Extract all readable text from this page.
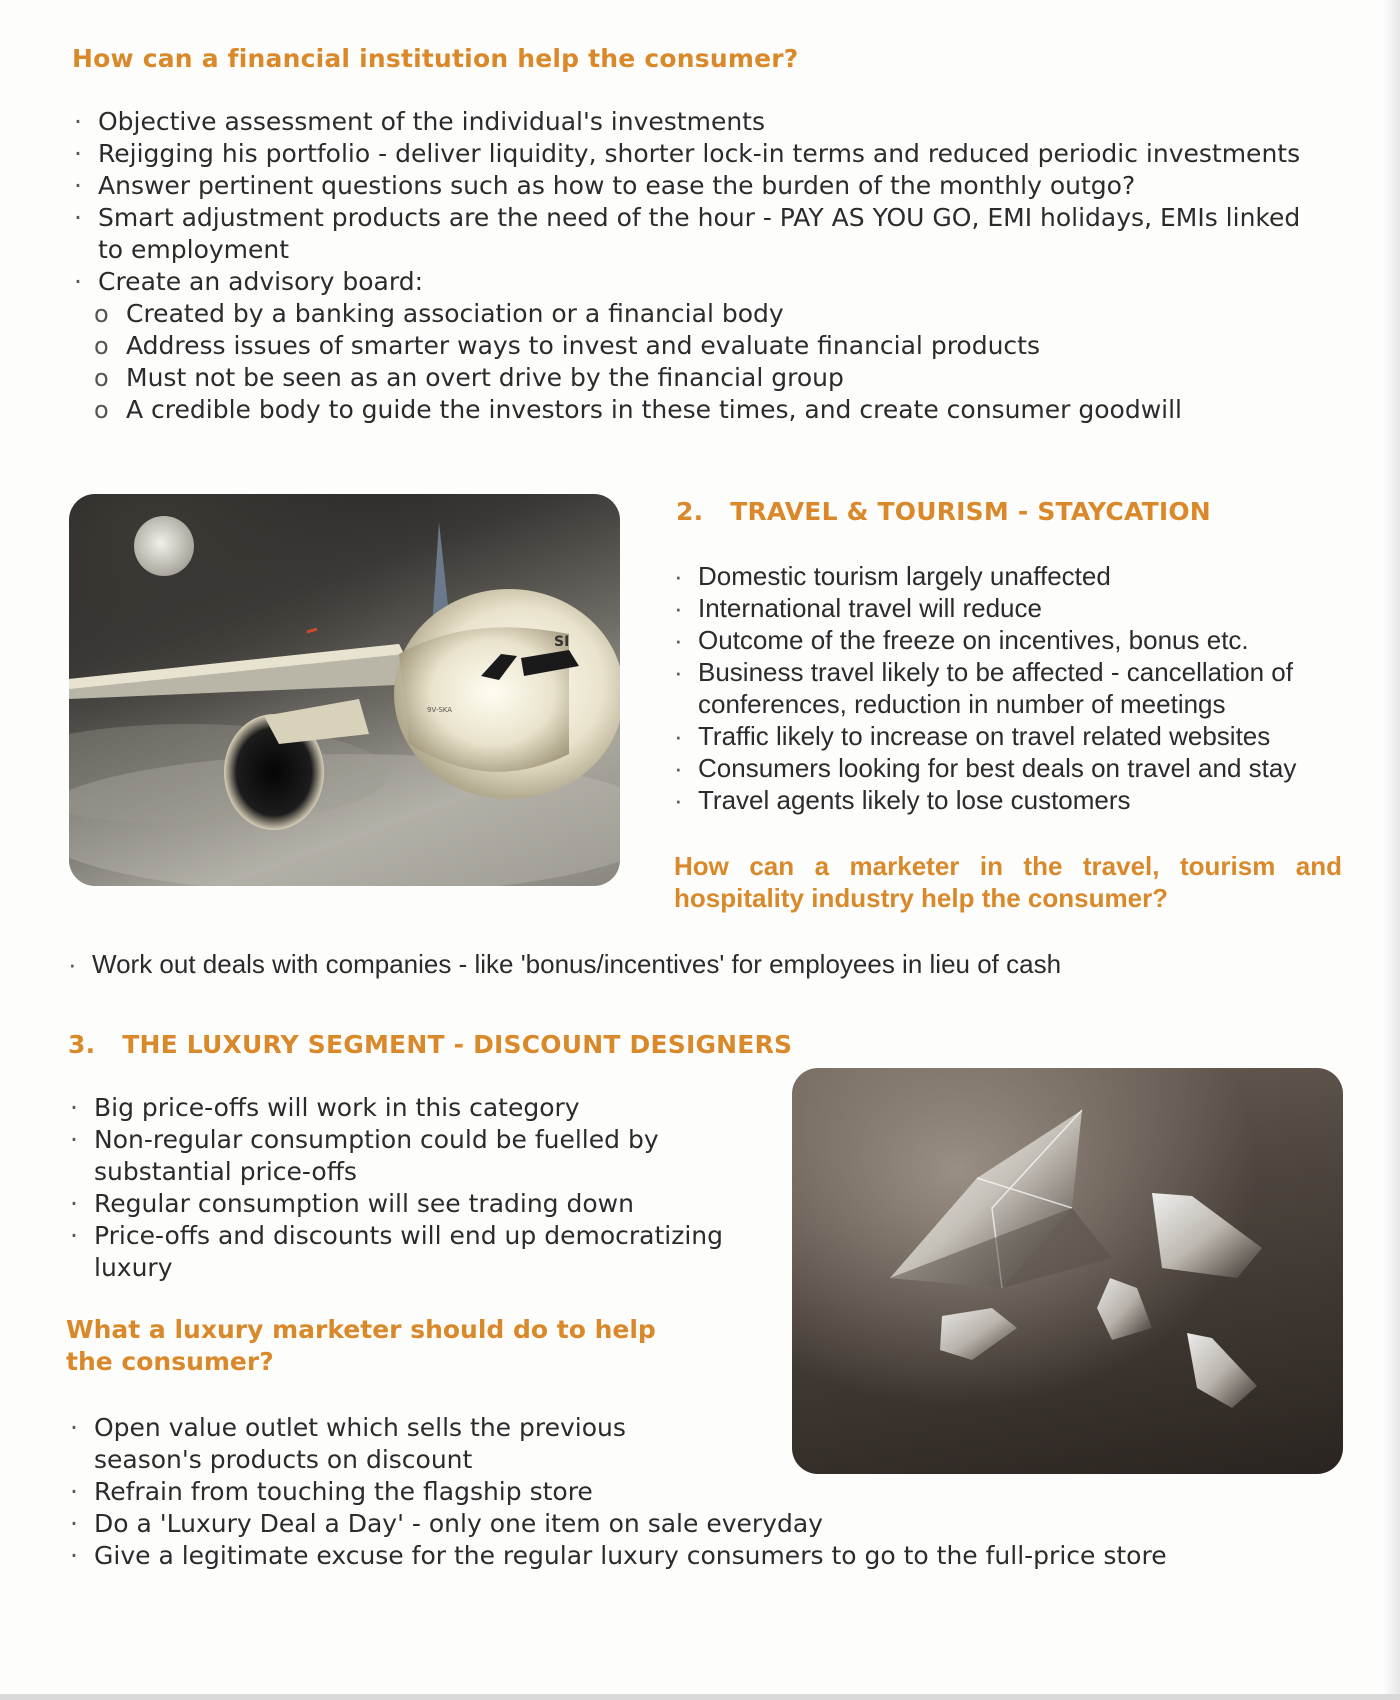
How can a financial institution help the consumer?
· Objective assessment of the individual's investments
· Rejigging his portfolio - deliver liquidity, shorter lock-in terms and reduced periodic investments
· Answer pertinent questions such as how to ease the burden of the monthly outgo?
· Smart adjustment products are the need of the hour - PAY AS YOU GO, EMI holidays, EMIs linked to employment
· Create an advisory board:
o Created by a banking association or a financial body
o Address issues of smarter ways to invest and evaluate financial products
o Must not be seen as an overt drive by the financial group
o A credible body to guide the investors in these times, and create consumer goodwill
SI
9V-SKA
2. TRAVEL & TOURISM - STAYCATION
· Domestic tourism largely unaffected
· International travel will reduce
· Outcome of the freeze on incentives, bonus etc.
· Business travel likely to be affected - cancellation of conferences, reduction in number of meetings
· Traffic likely to increase on travel related websites
· Consumers looking for best deals on travel and stay
· Travel agents likely to lose customers
How can a marketer in the travel, tourism and hospitality industry help the consumer?
· Work out deals with companies - like 'bonus/incentives' for employees in lieu of cash
3. THE LUXURY SEGMENT - DISCOUNT DESIGNERS
· Big price-offs will work in this category
· Non-regular consumption could be fuelled by substantial price-offs
· Regular consumption will see trading down
· Price-offs and discounts will end up democratizing luxury
What a luxury marketer should do to help the consumer?
· Open value outlet which sells the previous season's products on discount
· Refrain from touching the flagship store
· Do a 'Luxury Deal a Day' - only one item on sale everyday
· Give a legitimate excuse for the regular luxury consumers to go to the full-price store
